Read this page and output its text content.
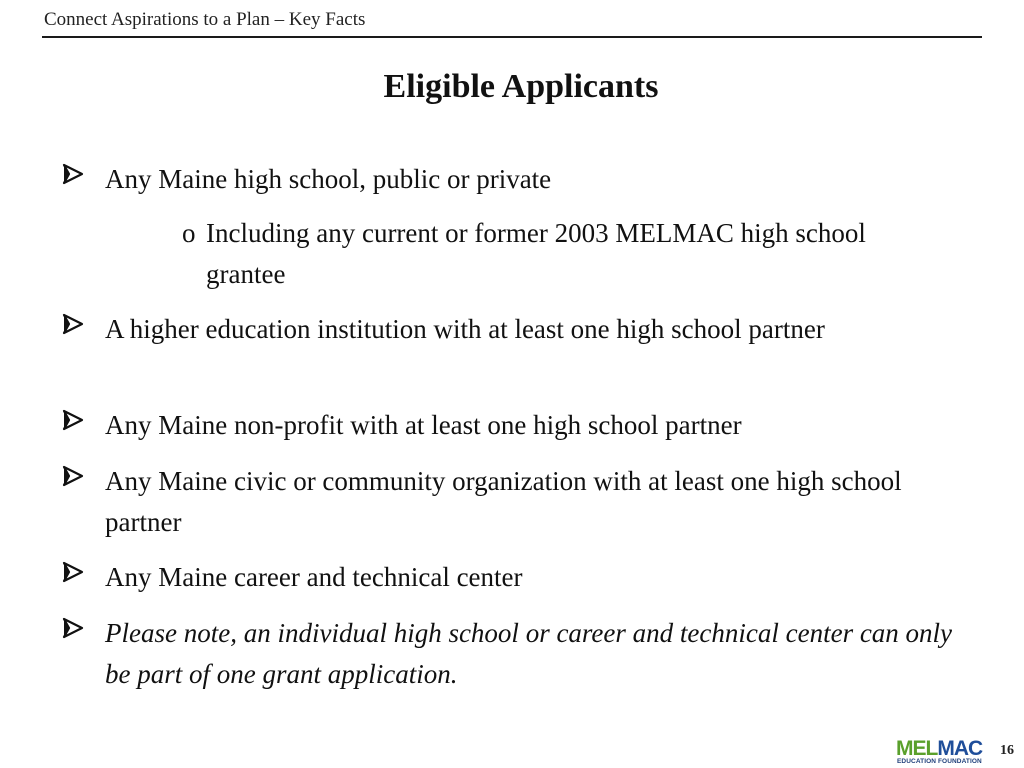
Connect Aspirations to a Plan – Key Facts
Eligible Applicants
Any Maine high school, public or private
o Including any current or former 2003 MELMAC high school grantee
A higher education institution with at least one high school partner
Any Maine non-profit with at least one high school partner
Any Maine civic or community organization with at least one high school partner
Any Maine career and technical center
Please note, an individual high school or career and technical center can only be part of one grant application.
MELMAC
EDUCATION FOUNDATION
16
